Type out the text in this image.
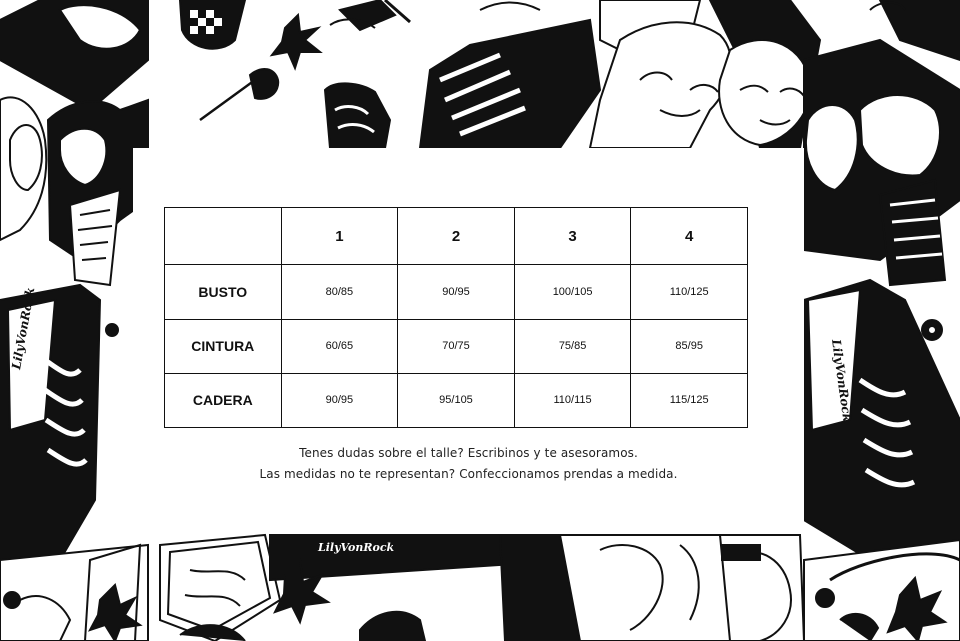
LilyVonRock
LilyVonRock
LilyVonRock
	1	2	3	4
BUSTO	80/85	90/95	100/105	110/125
CINTURA	60/65	70/75	75/85	85/95
CADERA	90/95	95/105	110/115	115/125
Tenes dudas sobre el talle? Escribinos y te asesoramos.
Las medidas no te representan? Confeccionamos prendas a medida.
